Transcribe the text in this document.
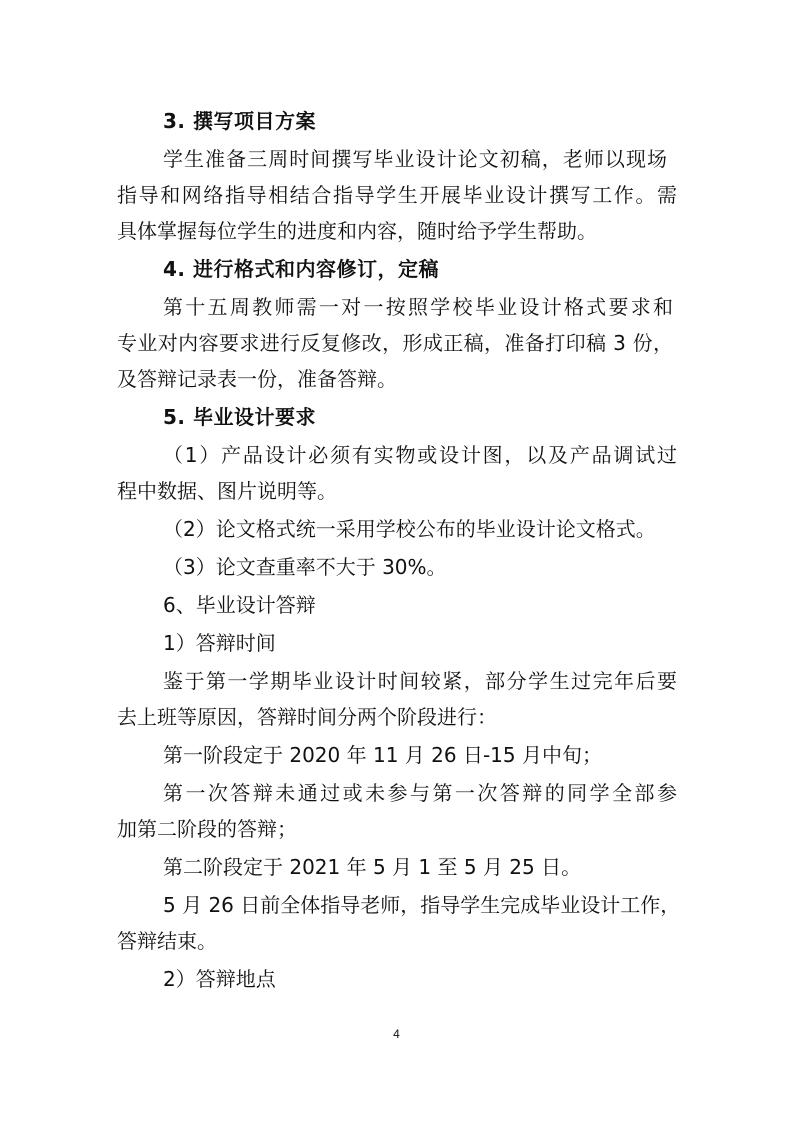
3. 撰写项目方案
学生准备三周时间撰写毕业设计论文初稿，老师以现场
指导和网络指导相结合指导学生开展毕业设计撰写工作。需
具体掌握每位学生的进度和内容，随时给予学生帮助。
4. 进行格式和内容修订，定稿
第十五周教师需一对一按照学校毕业设计格式要求和
专业对内容要求进行反复修改，形成正稿，准备打印稿 3 份，
及答辩记录表一份，准备答辩。
5. 毕业设计要求
（1）产品设计必须有实物或设计图，以及产品调试过
程中数据、图片说明等。
（2）论文格式统一采用学校公布的毕业设计论文格式。
（3）论文查重率不大于 30%。
6、毕业设计答辩
1）答辩时间
鉴于第一学期毕业设计时间较紧，部分学生过完年后要
去上班等原因，答辩时间分两个阶段进行：
第一阶段定于 2020 年 11 月 26 日-15 月中旬；
第一次答辩未通过或未参与第一次答辩的同学全部参
加第二阶段的答辩；
第二阶段定于 2021 年 5 月 1 至 5 月 25 日。
5 月 26 日前全体指导老师，指导学生完成毕业设计工作，
答辩结束。
2）答辩地点
4
